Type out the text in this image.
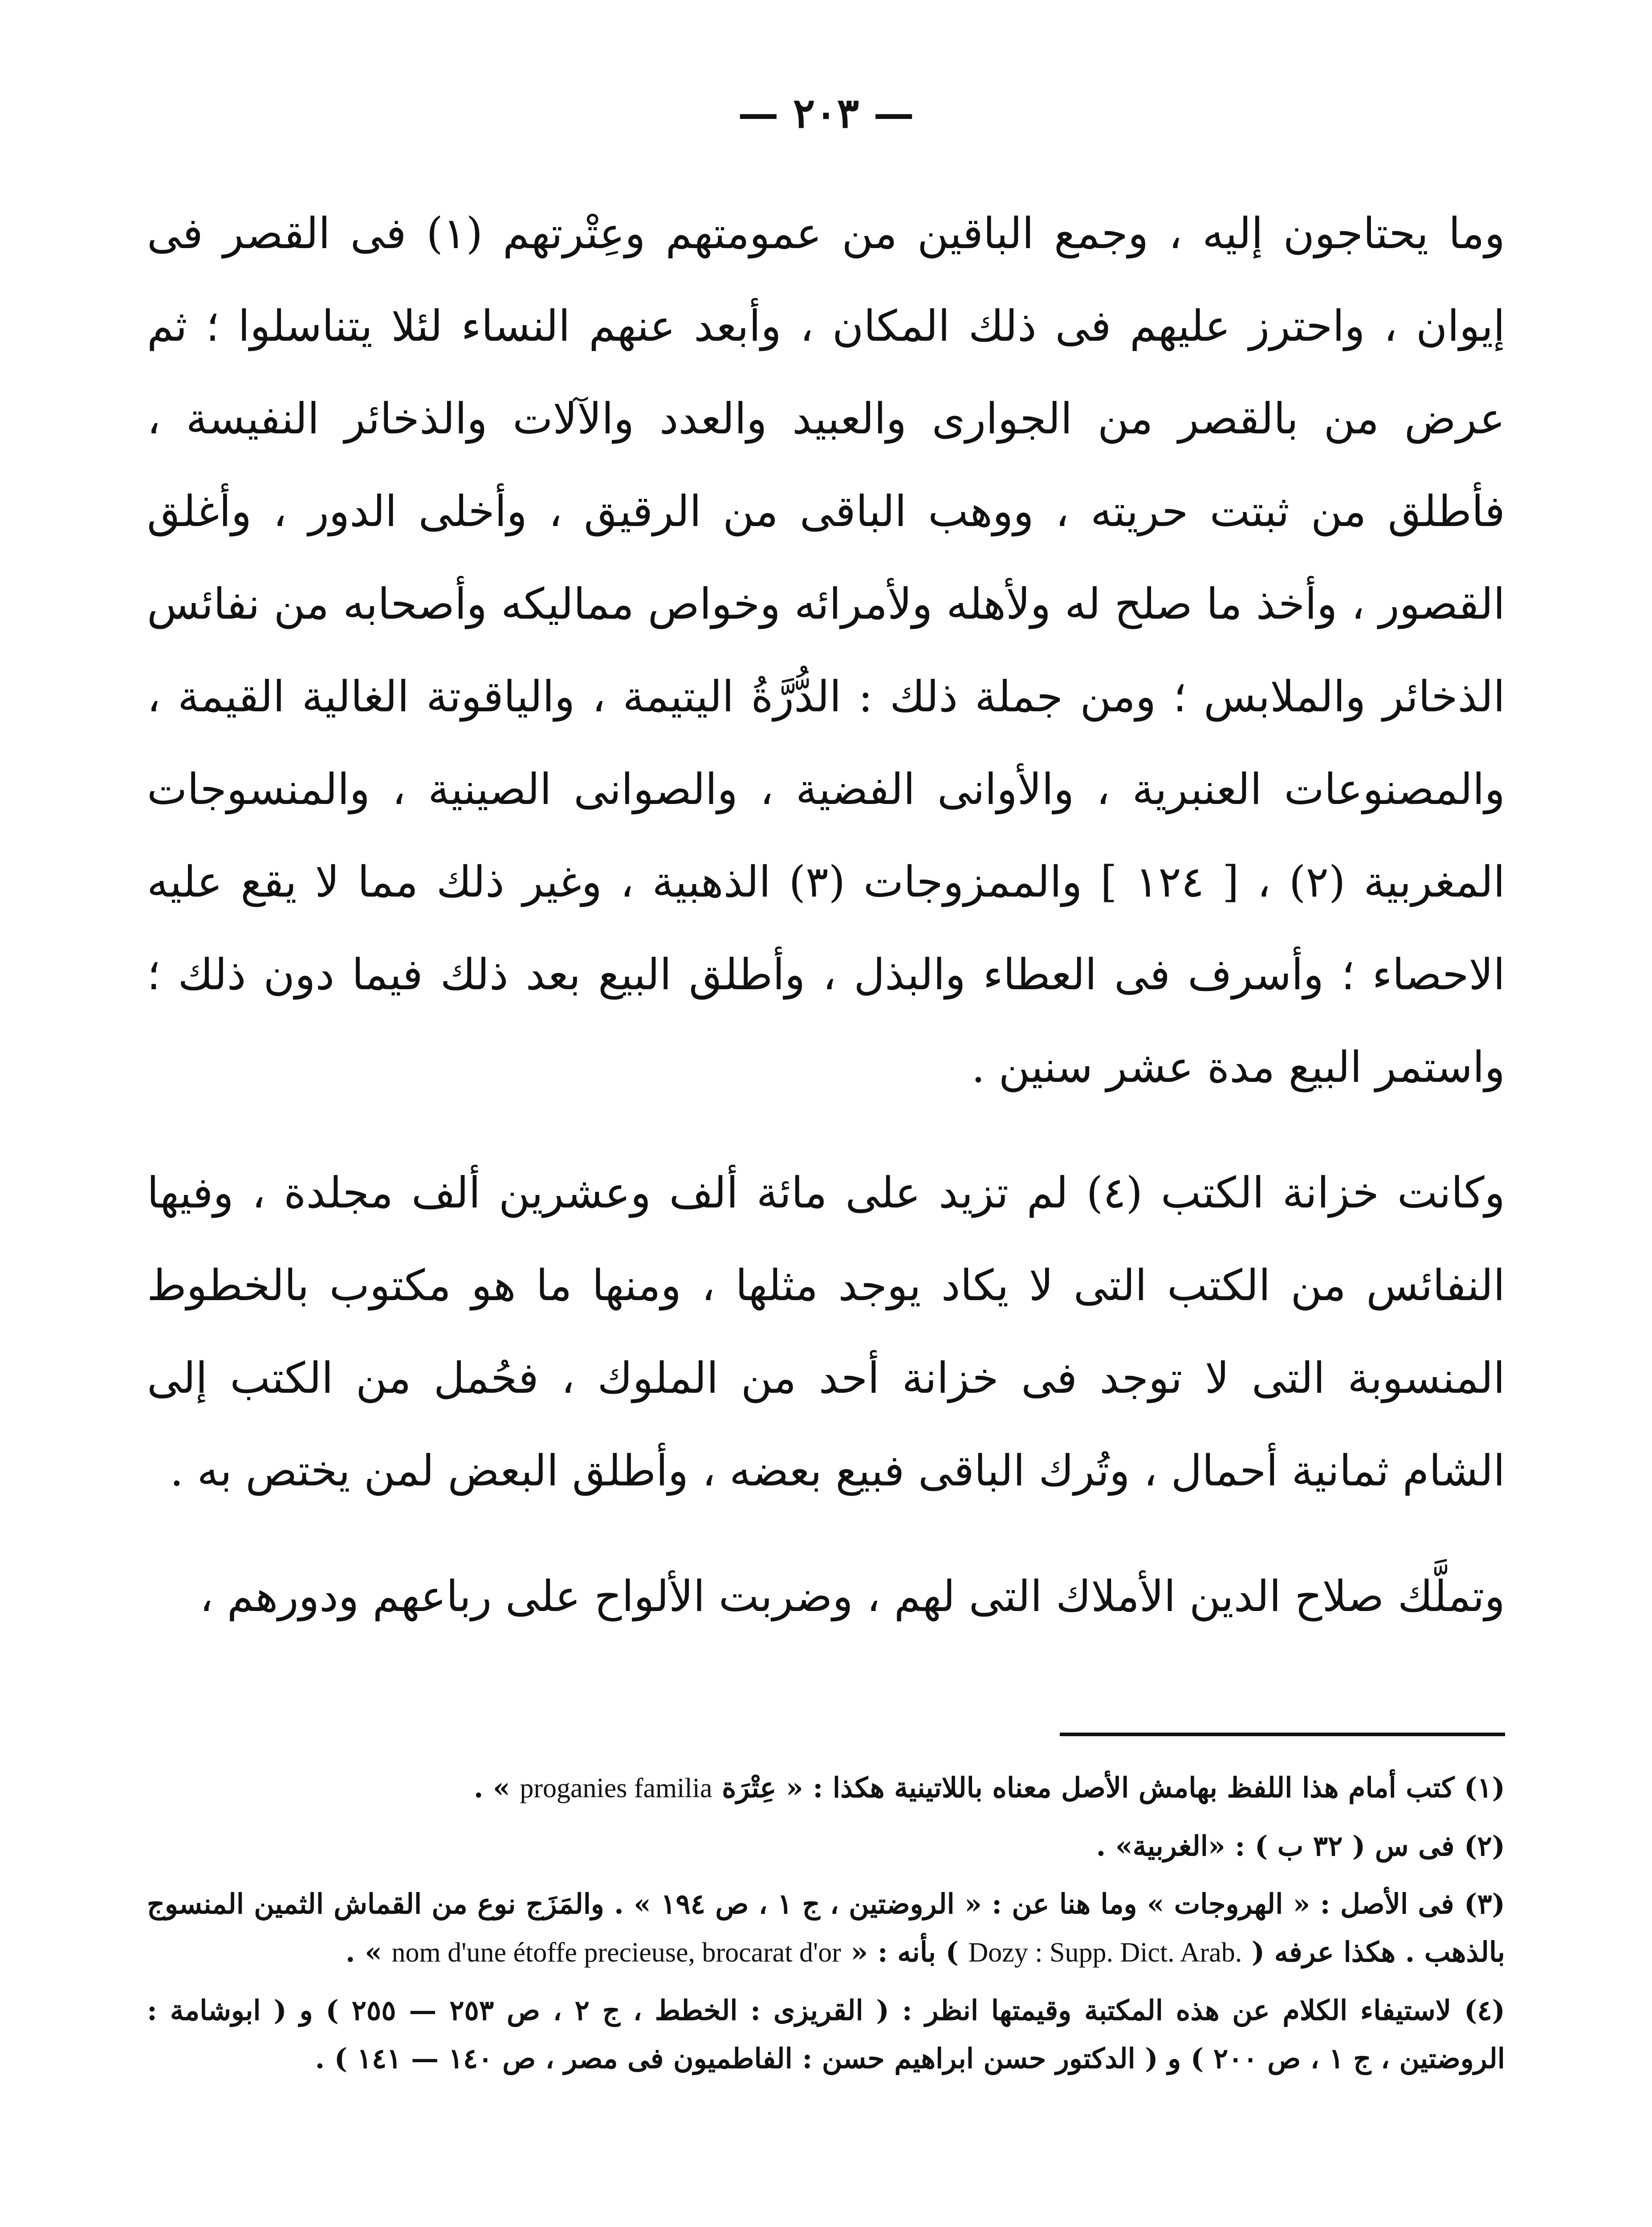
— ٢٠٣ —

وما يحتاجون إليه ، وجمع الباقين من عمومتهم وعِتْرتهم (١) فى القصر فى إيوان ، واحترز عليهم فى ذلك المكان ، وأبعد عنهم النساء لئلا يتناسلوا ؛ ثم عرض من بالقصر من الجوارى والعبيد والعدد والآلات والذخائر النفيسة ، فأطلق من ثبتت حريته ، ووهب الباقى من الرقيق ، وأخلى الدور ، وأغلق القصور ، وأخذ ما صلح له ولأهله ولأمرائه وخواص مماليكه وأصحابه من نفائس الذخائر والملابس ؛ ومن جملة ذلك : الدُّرَّةُ اليتيمة ، والياقوتة الغالية القيمة ، والمصنوعات العنبرية ، والأوانى الفضية ، والصوانى الصينية ، والمنسوجات المغربية (٢) ، [ ١٢٤ ] والممزوجات (٣) الذهبية ، وغير ذلك مما لا يقع عليه الاحصاء ؛ وأسرف فى العطاء والبذل ، وأطلق البيع بعد ذلك فيما دون ذلك ؛ واستمر البيع مدة عشر سنين .

وكانت خزانة الكتب (٤) لم تزيد على مائة ألف وعشرين ألف مجلدة ، وفيها النفائس من الكتب التى لا يكاد يوجد مثلها ، ومنها ما هو مكتوب بالخطوط المنسوبة التى لا توجد فى خزانة أحد من الملوك ، فحُمل من الكتب إلى الشام ثمانية أحمال ، وتُرك الباقى فبيع بعضه ، وأطلق البعض لمن يختص به .

وتملَّك صلاح الدين الأملاك التى لهم ، وضربت الألواح على رباعهم ودورهم ،

(١) كتب أمام هذا اللفظ بهامش الأصل معناه باللاتينية هكذا : « عِتْرَة proganies familia » .

(٢) فى س ( ٣٢ ب ) : «الغربية» .

(٣) فى الأصل : « الهروجات » وما هنا عن : « الروضتين ، ج ١ ، ص ١٩٤ » . والمَزَج نوع من القماش الثمين المنسوج بالذهب . هكذا عرفه ( Dozy : Supp. Dict. Arab. ) بأنه : « nom d'une étoffe precieuse, brocarat d'or » .

(٤) لاستيفاء الكلام عن هذه المكتبة وقيمتها انظر : ( القريزى : الخطط ، ج ٢ ، ص ٢٥٣ — ٢٥٥ ) و ( ابوشامة : الروضتين ، ج ١ ، ص ٢٠٠ ) و ( الدكتور حسن ابراهيم حسن : الفاطميون فى مصر ، ص ١٤٠ — ١٤١ ) .
